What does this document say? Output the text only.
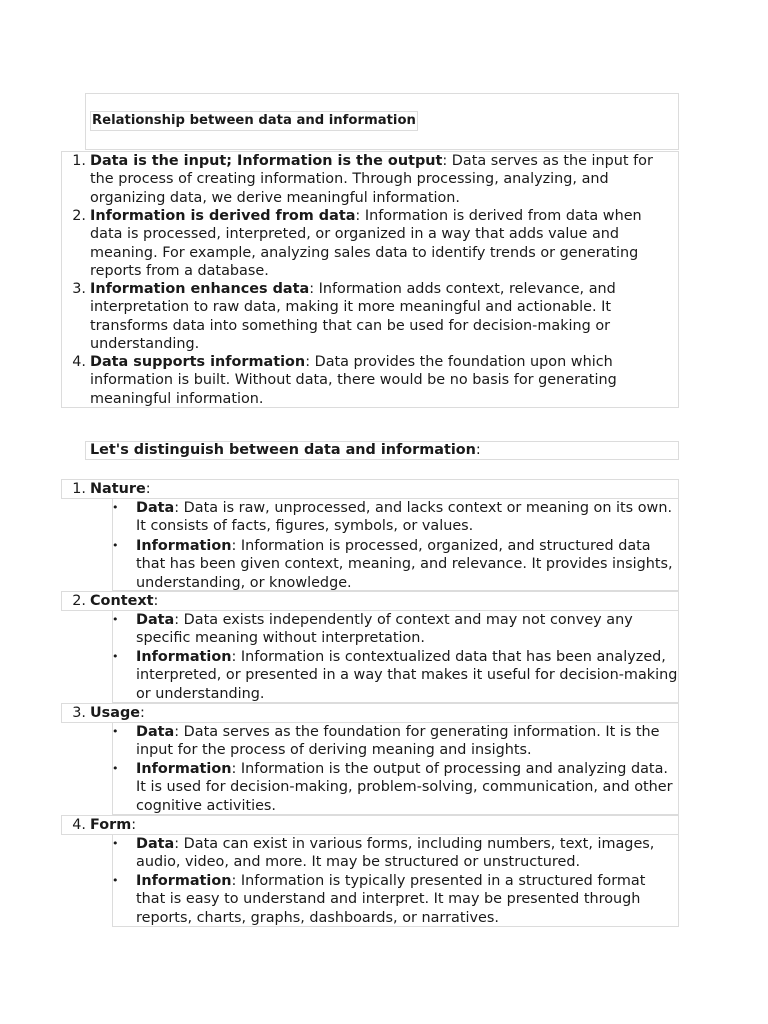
Relationship between data and information
1. Data is the input; Information is the output: Data serves as the input for the process of creating information. Through processing, analyzing, and organizing data, we derive meaningful information.
2. Information is derived from data: Information is derived from data when data is processed, interpreted, or organized in a way that adds value and meaning. For example, analyzing sales data to identify trends or generating reports from a database.
3. Information enhances data: Information adds context, relevance, and interpretation to raw data, making it more meaningful and actionable. It transforms data into something that can be used for decision-making or understanding.
4. Data supports information: Data provides the foundation upon which information is built. Without data, there would be no basis for generating meaningful information.
Let's distinguish between data and information:
1. Nature:
• Data: Data is raw, unprocessed, and lacks context or meaning on its own. It consists of facts, figures, symbols, or values.
• Information: Information is processed, organized, and structured data that has been given context, meaning, and relevance. It provides insights, understanding, or knowledge.
2. Context:
• Data: Data exists independently of context and may not convey any specific meaning without interpretation.
• Information: Information is contextualized data that has been analyzed, interpreted, or presented in a way that makes it useful for decision-making or understanding.
3. Usage:
• Data: Data serves as the foundation for generating information. It is the input for the process of deriving meaning and insights.
• Information: Information is the output of processing and analyzing data. It is used for decision-making, problem-solving, communication, and other cognitive activities.
4. Form:
• Data: Data can exist in various forms, including numbers, text, images, audio, video, and more. It may be structured or unstructured.
• Information: Information is typically presented in a structured format that is easy to understand and interpret. It may be presented through reports, charts, graphs, dashboards, or narratives.
